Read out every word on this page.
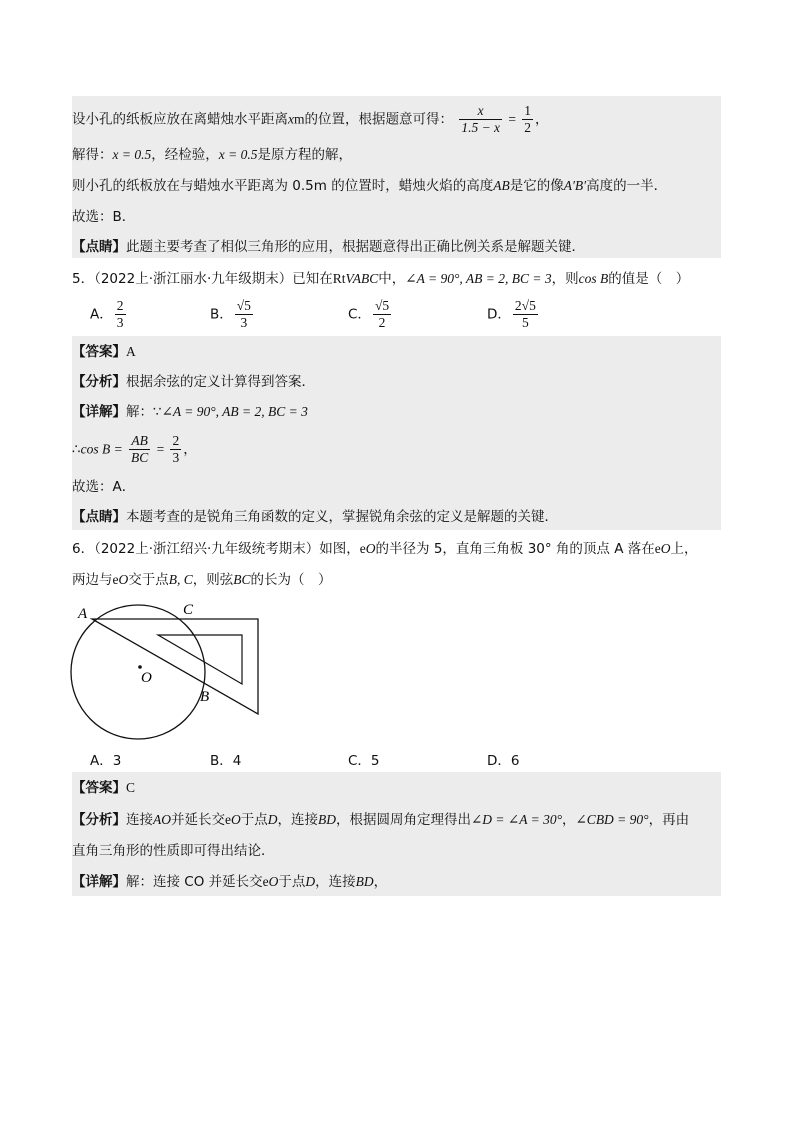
设小孔的纸板应放在离蜡烛水平距离xm的位置，根据题意可得： $\frac{x}{1.5 - x} = \frac{1}{2}$ ，
解得：x = 0.5，经检验，x = 0.5是原方程的解，
则小孔的纸板放在与蜡烛水平距离为 0.5m 的位置时，蜡烛火焰的高度AB是它的像A′B′高度的一半．
故选：B．
【点睛】此题主要考查了相似三角形的应用，根据题意得出正确比例关系是解题关键．
5．（2022上·浙江丽水·九年级期末）已知在RtVABC中，∠A = 90°, AB = 2, BC = 3，则cos B的值是（　）
A． $\frac{2}{3}$	B． $\frac{√5}{3}$	C． $\frac{√5}{2}$	D． $\frac{2√5}{5}$
【答案】A
【分析】根据余弦的定义计算得到答案．
【详解】解：∵∠A = 90°, AB = 2, BC = 3
∴cos $B = \frac{AB}{BC} = \frac{2}{3}$ ，
故选：A．
【点睛】本题考查的是锐角三角函数的定义，掌握锐角余弦的定义是解题的关键．
6．（2022上·浙江绍兴·九年级统考期末）如图，eO的半径为 5，直角三角板 30° 角的顶点 A 落在eO上，
两边与eO交于点B, C，则弦BC的长为（　）
A	C
O
B
A．3	B．4	C．5	D．6
【答案】C
【分析】连接AO并延长交eO于点D，连接BD，根据圆周角定理得出∠D = ∠A = 30°，∠CBD = 90°，再由
直角三角形的性质即可得出结论．
【详解】解：连接 CO 并延长交eO于点D，连接BD，
